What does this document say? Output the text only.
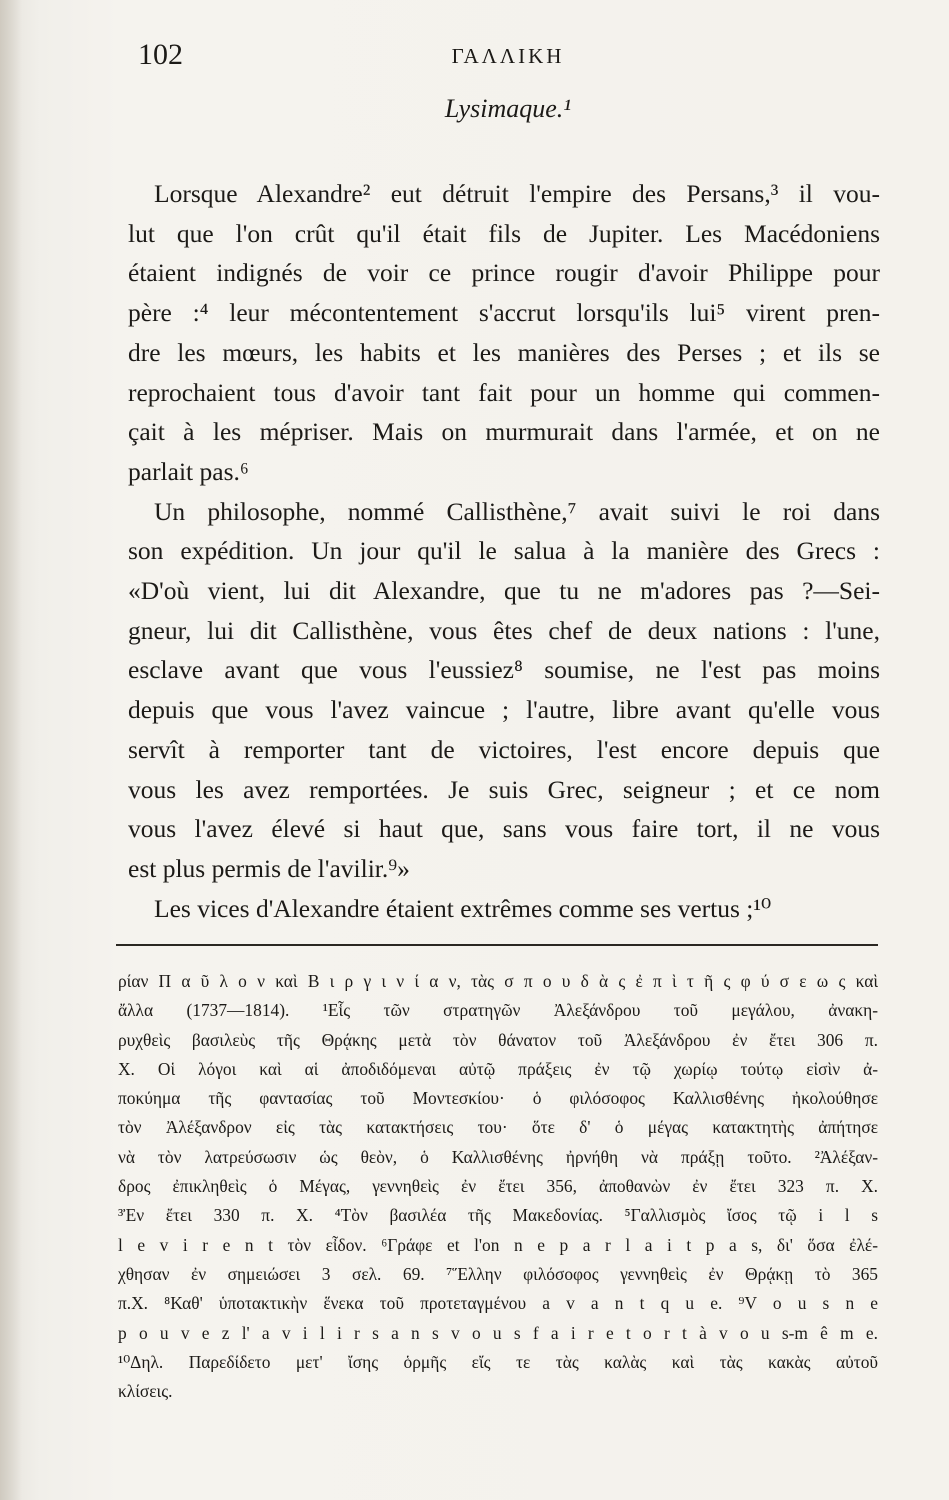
102	ΓΑΛΛΙΚΗ
Lysimaque.¹
Lorsque Alexandre² eut détruit l'empire des Persans,³ il vou-
lut que l'on crût qu'il était fils de Jupiter. Les Macédoniens
étaient indignés de voir ce prince rougir d'avoir Philippe pour
père :⁴ leur mécontentement s'accrut lorsqu'ils lui⁵ virent pren-
dre les mœurs, les habits et les manières des Perses ; et ils se
reprochaient tous d'avoir tant fait pour un homme qui commen-
çait à les mépriser. Mais on murmurait dans l'armée, et on ne
parlait pas.⁶
Un philosophe, nommé Callisthène,⁷ avait suivi le roi dans
son expédition. Un jour qu'il le salua à la manière des Grecs :
«D'où vient, lui dit Alexandre, que tu ne m'adores pas ?—Sei-
gneur, lui dit Callisthène, vous êtes chef de deux nations : l'une,
esclave avant que vous l'eussiez⁸ soumise, ne l'est pas moins
depuis que vous l'avez vaincue ; l'autre, libre avant qu'elle vous
servît à remporter tant de victoires, l'est encore depuis que
vous les avez remportées. Je suis Grec, seigneur ; et ce nom
vous l'avez élevé si haut que, sans vous faire tort, il ne vous
est plus permis de l'avilir.⁹»
Les vices d'Alexandre étaient extrêmes comme ses vertus ;¹⁰
ρίαν Π α ῦ λ ο ν καὶ Β ι ρ γ ι ν ί α ν, τὰς σ π ο υ δ ὰ ς ἐ π ὶ τ ῆ ς φ ύ σ ε ω ς καὶ
ἄλλα (1737—1814). ¹Εἷς τῶν στρατηγῶν Ἀλεξάνδρου τοῦ μεγάλου, ἀνακη-
ρυχθεὶς βασιλεὺς τῆς Θρᾴκης μετὰ τὸν θάνατον τοῦ Ἀλεξάνδρου ἐν ἔτει 306 π.
Χ. Οἱ λόγοι καὶ αἱ ἀποδιδόμεναι αὐτῷ πράξεις ἐν τῷ χωρίῳ τούτῳ εἰσὶν ἀ-
ποκύημα τῆς φαντασίας τοῦ Μοντεσκίου· ὁ φιλόσοφος Καλλισθένης ἠκολούθησε
τὸν Ἀλέξανδρον εἰς τὰς κατακτήσεις του· ὅτε δ' ὁ μέγας κατακτητὴς ἀπήτησε
νὰ τὸν λατρεύσωσιν ὡς θεὸν, ὁ Καλλισθένης ἠρνήθη νὰ πράξῃ τοῦτο. ²Ἀλέξαν-
δρος ἐπικληθεὶς ὁ Μέγας, γεννηθεὶς ἐν ἔτει 356, ἀποθανὼν ἐν ἔτει 323 π. Χ.
³Ἐν ἔτει 330 π. Χ. ⁴Τὸν βασιλέα τῆς Μακεδονίας. ⁵Γαλλισμὸς ἴσος τῷ i l s
l e v i r e n t τὸν εἶδον. ⁶Γράφε et l'on n e p a r l a i t p a s, δι' ὅσα ἐλέ-
χθησαν ἐν σημειώσει 3 σελ. 69. ⁷Ἕλλην φιλόσοφος γεννηθεὶς ἐν Θρᾴκῃ τὸ 365
π.Χ. ⁸Καθ' ὑποτακτικὴν ἕνεκα τοῦ προτεταγμένου a v a n t q u e. ⁹V o u s n e
p o u v e z l' a v i l i r s a n s v o u s f a i r e t o r t à v o u s-m ê m e.
¹⁰Δηλ. Παρεδίδετο μετ' ἴσης ὁρμῆς εἴς τε τὰς καλὰς καὶ τὰς κακὰς αὐτοῦ
κλίσεις.
